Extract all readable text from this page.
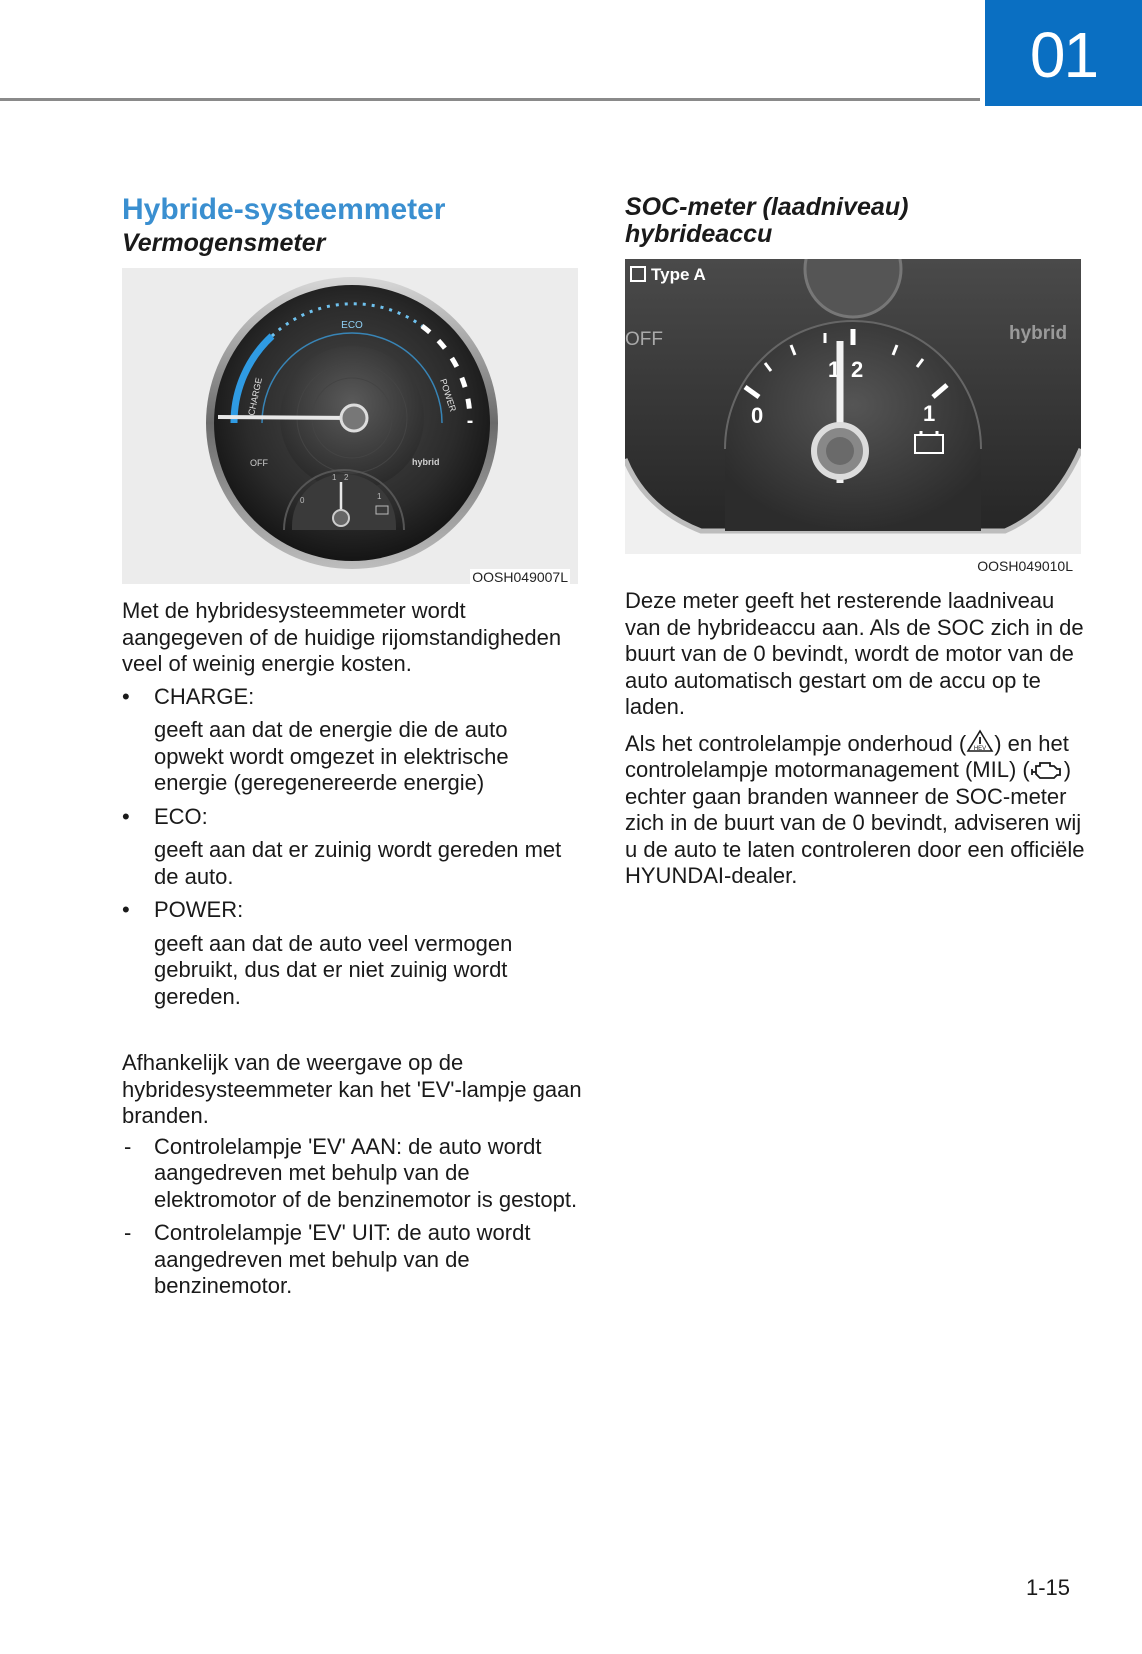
01
Hybride-systeemmeter
Vermogensmeter
ECO
CHARGE	POWER
OFF	hybrid
0
1 2
1
OOSH049007L

Met de hybridesysteemmeter wordt aangegeven of de huidige rijomstandigheden veel of weinig energie kosten.

• CHARGE:

geeft aan dat de energie die de auto opwekt wordt omgezet in elektrische energie (geregenereerde energie)

• ECO:

geeft aan dat er zuinig wordt gereden met de auto.

• POWER:

geeft aan dat de auto veel vermogen gebruikt, dus dat er niet zuinig wordt gereden.

Afhankelijk van de weergave op de hybridesysteemmeter kan het 'EV'-lampje gaan branden.

- Controlelampje 'EV' AAN: de auto wordt aangedreven met behulp van de elektromotor of de benzinemotor is gestopt.
- Controlelampje 'EV' UIT: de auto wordt aangedreven met behulp van de benzinemotor.
SOC-meter (laadniveau)
hybrideaccu
Type A
OFF	hybrid
0
1 2
1
OOSH049010L

Deze meter geeft het resterende laadniveau van de hybrideaccu aan. Als de SOC zich in de buurt van de 0 bevindt, wordt de motor van de auto automatisch gestart om de accu op te laden.

Als het controlelampje onderhoud ( HEV ) en het controlelampje motormanagement (MIL) ( ) echter gaan branden wanneer de SOC-meter zich in de buurt van de 0 bevindt, adviseren wij u de auto te laten controleren door een officiële HYUNDAI-dealer.

1-15
